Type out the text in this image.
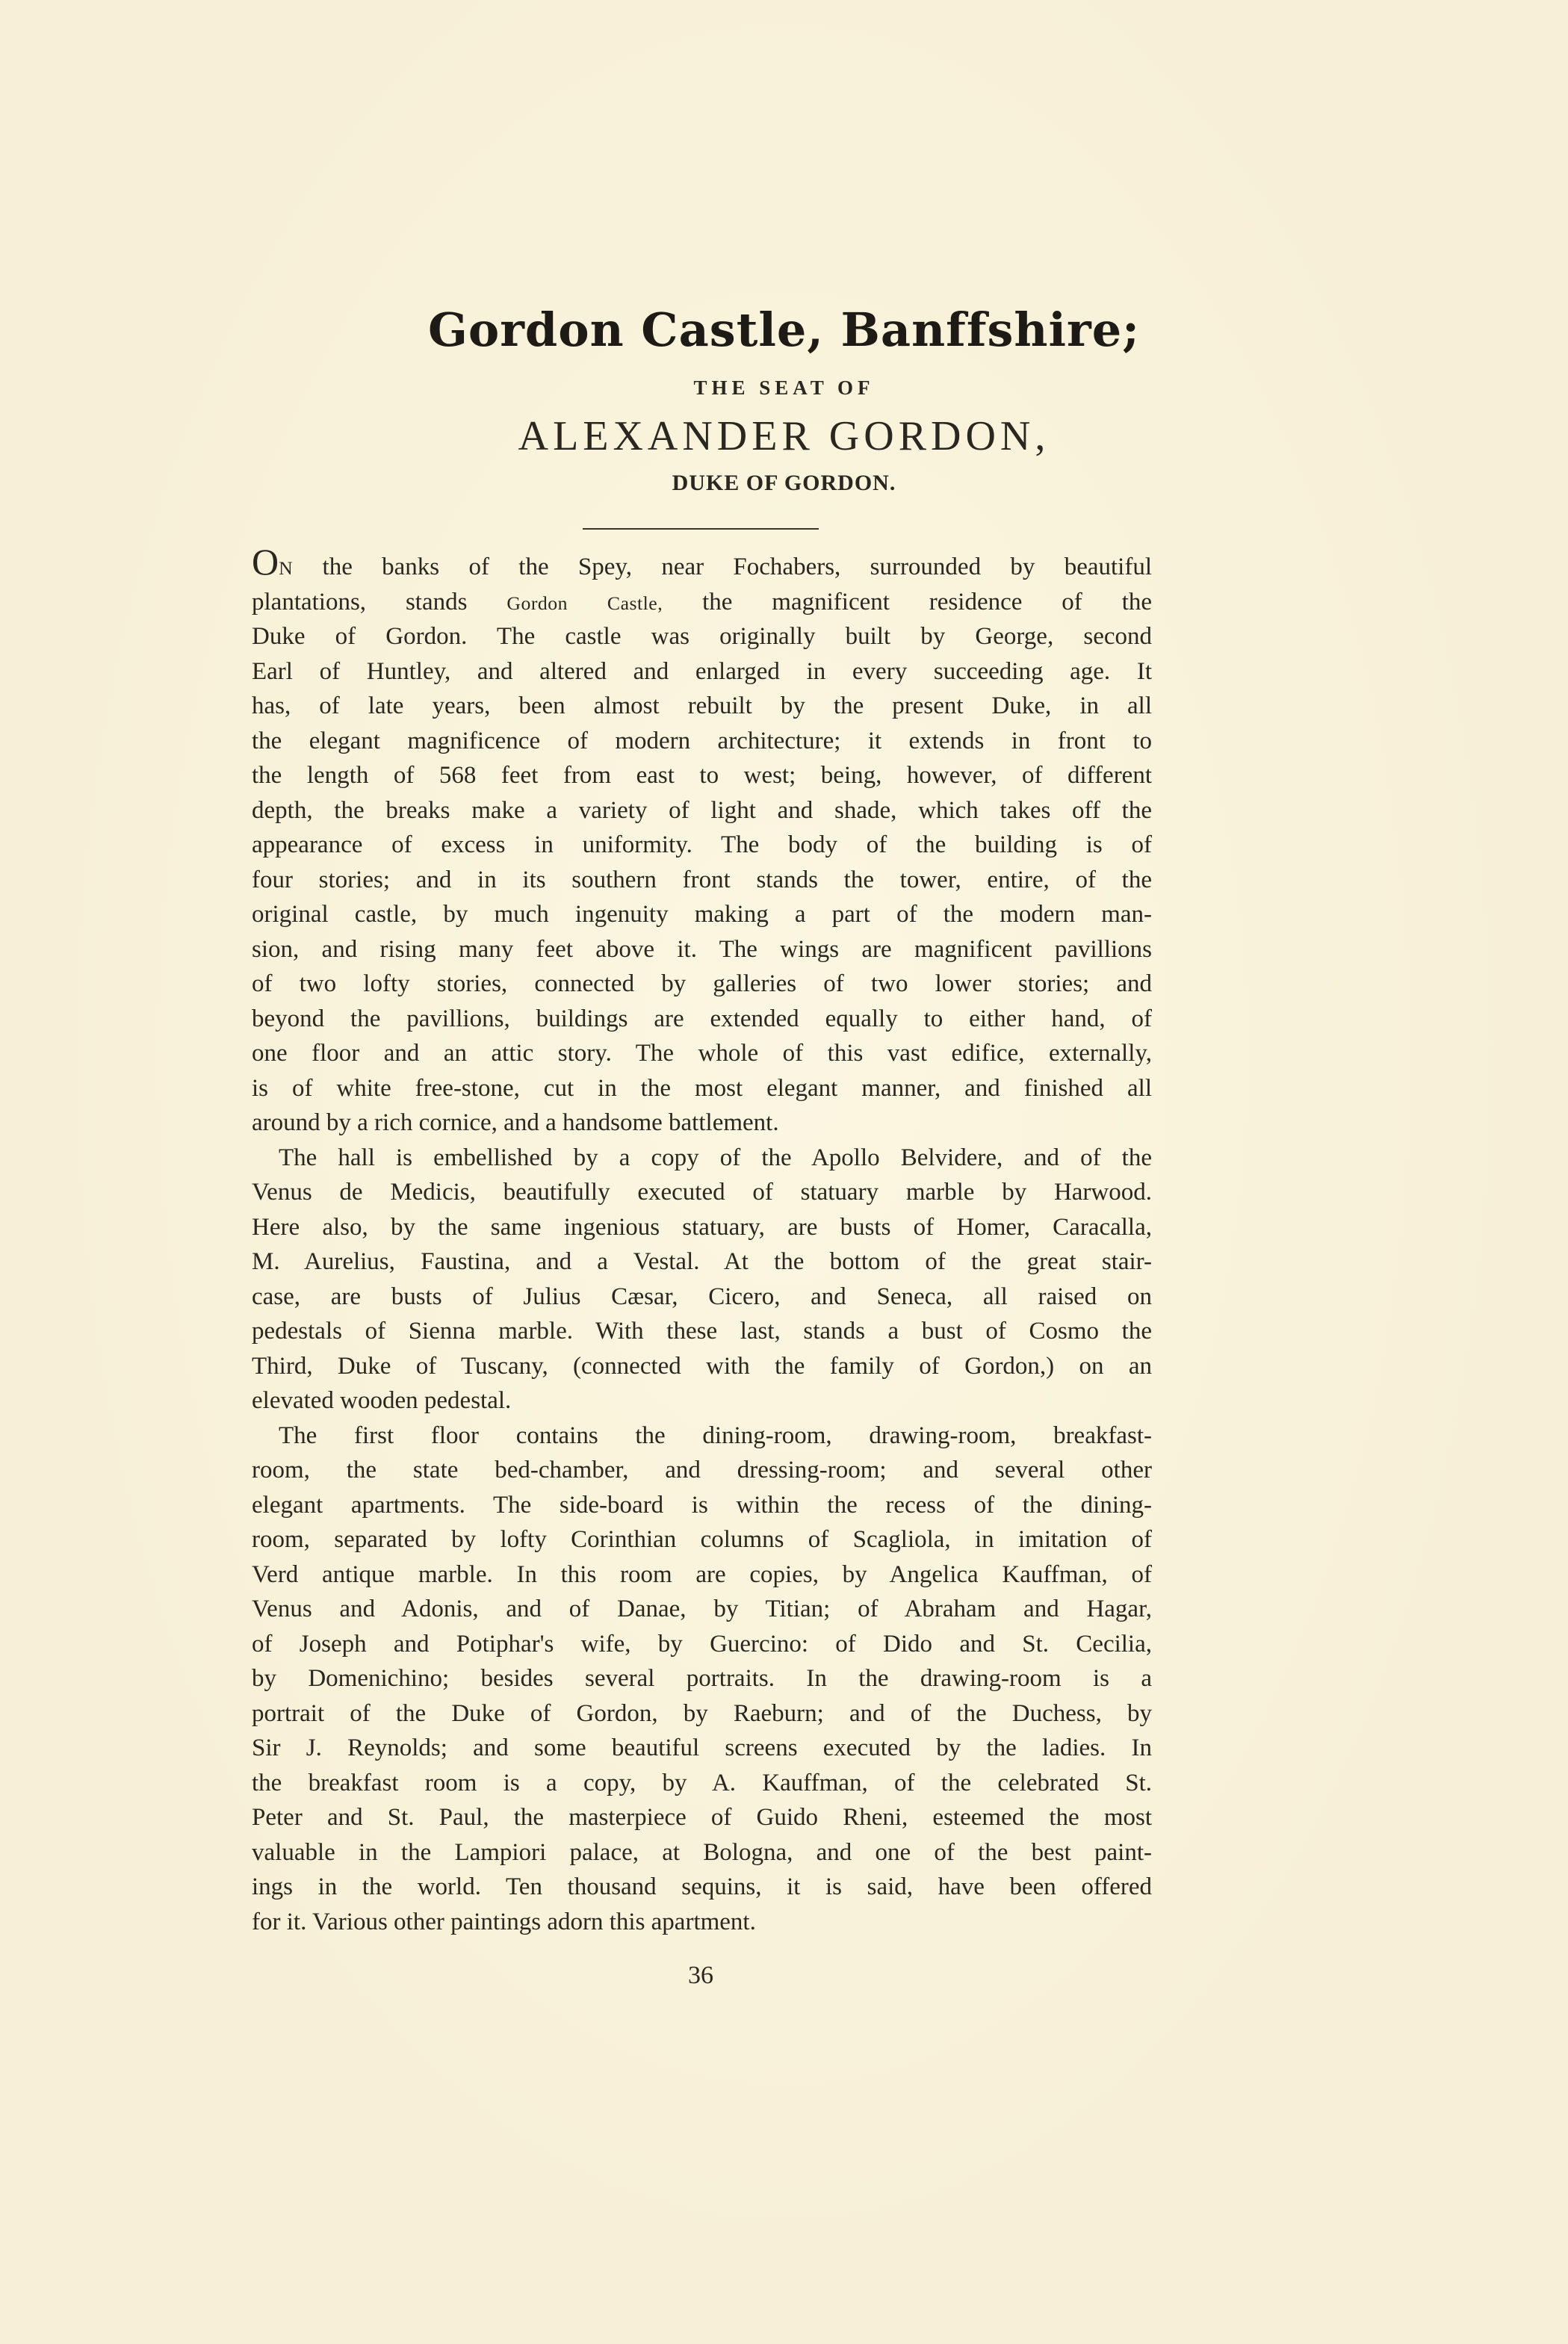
Gordon Castle, Banffshire;
THE SEAT OF
ALEXANDER GORDON,
DUKE OF GORDON.
ON the banks of the Spey, near Fochabers, surrounded by beautiful
plantations, stands Gordon Castle, the magnificent residence of the
Duke of Gordon. The castle was originally built by George, second
Earl of Huntley, and altered and enlarged in every succeeding age. It
has, of late years, been almost rebuilt by the present Duke, in all
the elegant magnificence of modern architecture; it extends in front to
the length of 568 feet from east to west; being, however, of different
depth, the breaks make a variety of light and shade, which takes off the
appearance of excess in uniformity. The body of the building is of
four stories; and in its southern front stands the tower, entire, of the
original castle, by much ingenuity making a part of the modern man-
sion, and rising many feet above it. The wings are magnificent pavillions
of two lofty stories, connected by galleries of two lower stories; and
beyond the pavillions, buildings are extended equally to either hand, of
one floor and an attic story. The whole of this vast edifice, externally,
is of white free-stone, cut in the most elegant manner, and finished all
around by a rich cornice, and a handsome battlement.
The hall is embellished by a copy of the Apollo Belvidere, and of the
Venus de Medicis, beautifully executed of statuary marble by Harwood.
Here also, by the same ingenious statuary, are busts of Homer, Caracalla,
M. Aurelius, Faustina, and a Vestal. At the bottom of the great stair-
case, are busts of Julius Cæsar, Cicero, and Seneca, all raised on
pedestals of Sienna marble. With these last, stands a bust of Cosmo the
Third, Duke of Tuscany, (connected with the family of Gordon,) on an
elevated wooden pedestal.
The first floor contains the dining-room, drawing-room, breakfast-
room, the state bed-chamber, and dressing-room; and several other
elegant apartments. The side-board is within the recess of the dining-
room, separated by lofty Corinthian columns of Scagliola, in imitation of
Verd antique marble. In this room are copies, by Angelica Kauffman, of
Venus and Adonis, and of Danae, by Titian; of Abraham and Hagar,
of Joseph and Potiphar's wife, by Guercino: of Dido and St. Cecilia,
by Domenichino; besides several portraits. In the drawing-room is a
portrait of the Duke of Gordon, by Raeburn; and of the Duchess, by
Sir J. Reynolds; and some beautiful screens executed by the ladies. In
the breakfast room is a copy, by A. Kauffman, of the celebrated St.
Peter and St. Paul, the masterpiece of Guido Rheni, esteemed the most
valuable in the Lampiori palace, at Bologna, and one of the best paint-
ings in the world. Ten thousand sequins, it is said, have been offered
for it. Various other paintings adorn this apartment.
36
